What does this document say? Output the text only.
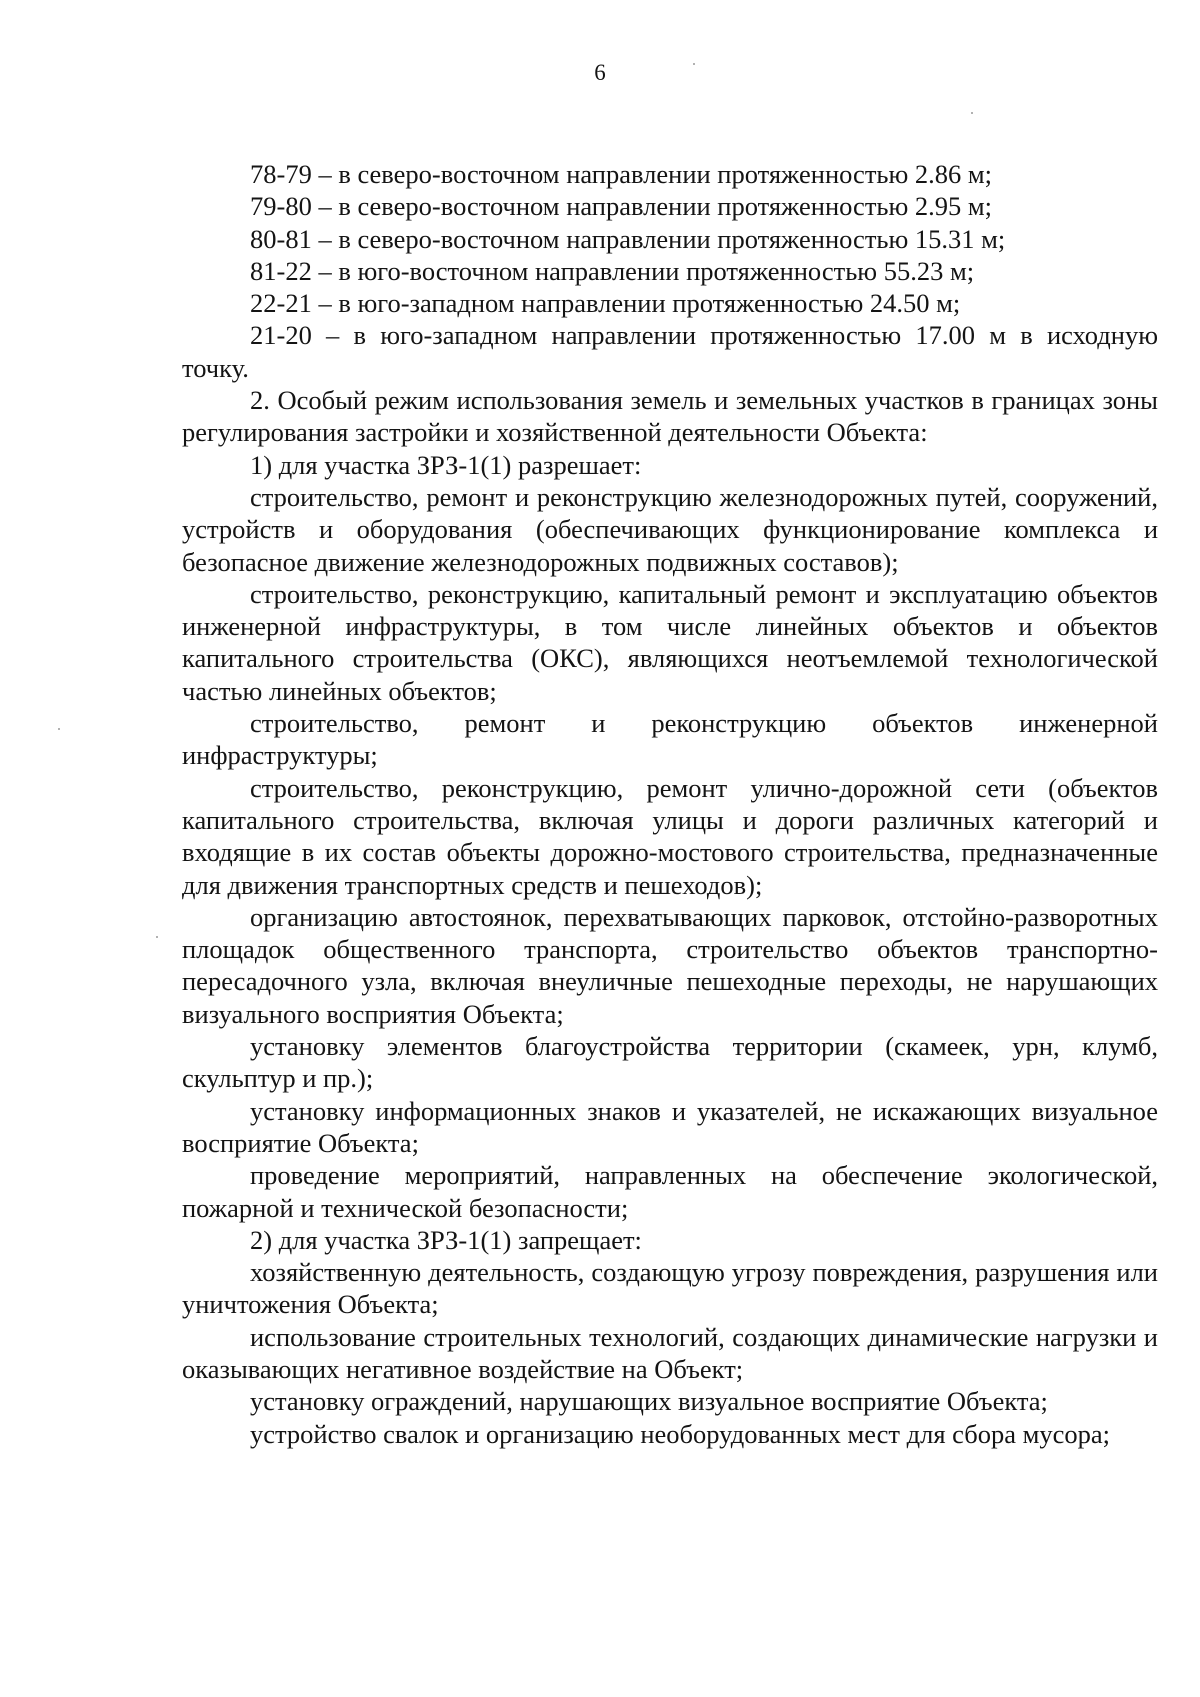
6

78-79 – в северо-восточном направлении протяженностью 2.86 м;

79-80 – в северо-восточном направлении протяженностью 2.95 м;

80-81 – в северо-восточном направлении протяженностью 15.31 м;

81-22 – в юго-восточном направлении протяженностью 55.23 м;

22-21 – в юго-западном направлении протяженностью 24.50 м;

21-20 – в юго-западном направлении протяженностью 17.00 м в исходную точку.

2. Особый режим использования земель и земельных участков в границах зоны регулирования застройки и хозяйственной деятельности Объекта:

1) для участка ЗРЗ-1(1) разрешает:

строительство, ремонт и реконструкцию железнодорожных путей, сооружений, устройств и оборудования (обеспечивающих функционирование комплекса и безопасное движение железнодорожных подвижных составов);

строительство, реконструкцию, капитальный ремонт и эксплуатацию объектов инженерной инфраструктуры, в том числе линейных объектов и объектов капитального строительства (ОКС), являющихся неотъемлемой технологической частью линейных объектов;

строительство, ремонт и реконструкцию объектов инженерной инфраструктуры;

строительство, реконструкцию, ремонт улично-дорожной сети (объектов капитального строительства, включая улицы и дороги различных категорий и входящие в их состав объекты дорожно-мостового строительства, предназначенные для движения транспортных средств и пешеходов);

организацию автостоянок, перехватывающих парковок, отстойно-разворотных площадок общественного транспорта, строительство объектов транспортно-пересадочного узла, включая внеуличные пешеходные переходы, не нарушающих визуального восприятия Объекта;

установку элементов благоустройства территории (скамеек, урн, клумб, скульптур и пр.);

установку информационных знаков и указателей, не искажающих визуальное восприятие Объекта;

проведение мероприятий, направленных на обеспечение экологической, пожарной и технической безопасности;

2) для участка ЗРЗ-1(1) запрещает:

хозяйственную деятельность, создающую угрозу повреждения, разрушения или уничтожения Объекта;

использование строительных технологий, создающих динамические нагрузки и оказывающих негативное воздействие на Объект;

установку ограждений, нарушающих визуальное восприятие Объекта;

устройство свалок и организацию необорудованных мест для сбора мусора;
